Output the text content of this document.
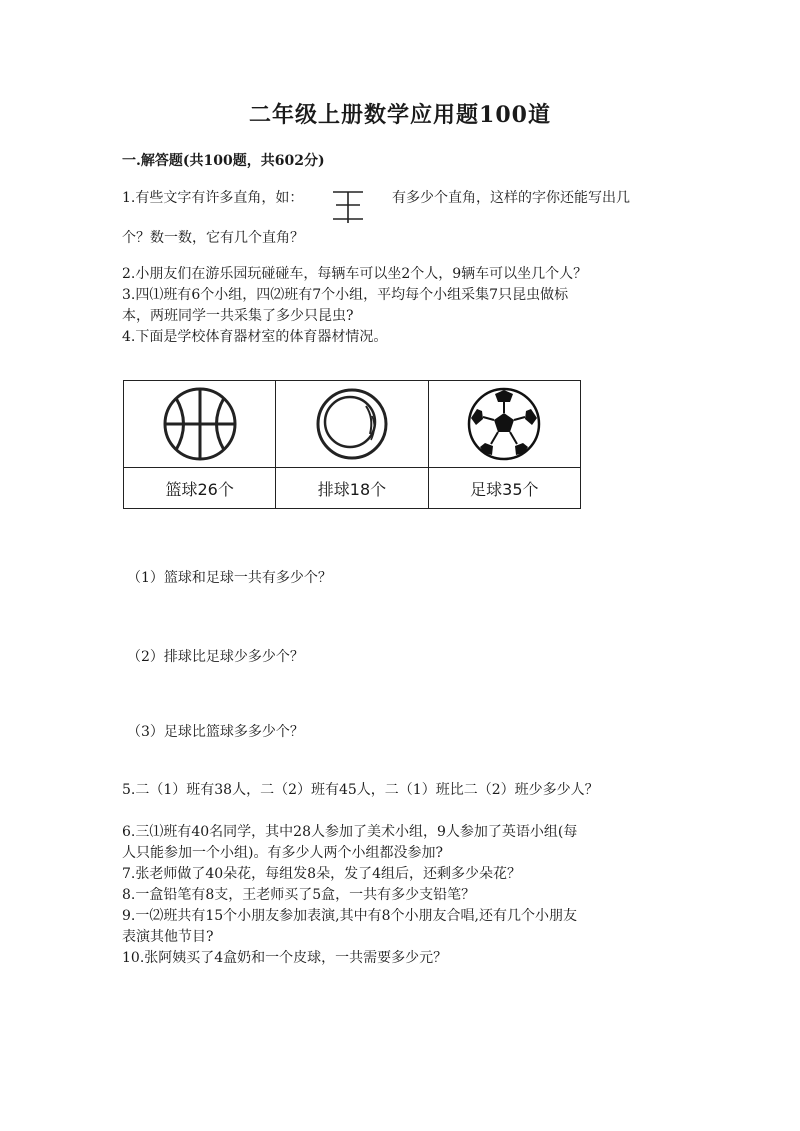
二年级上册数学应用题100道
一.解答题(共100题，共602分)
1.有些文字有许多直角，如：	有多少个直角，这样的字你还能写出几
个？数一数，它有几个直角？
2.小朋友们在游乐园玩碰碰车，每辆车可以坐2个人，9辆车可以坐几个人？
3.四⑴班有6个小组，四⑵班有7个小组，平均每个小组采集7只昆虫做标
本，两班同学一共采集了多少只昆虫?
4.下面是学校体育器材室的体育器材情况。

篮球26个	排球18个	足球35个
（1）篮球和足球一共有多少个？
（2）排球比足球少多少个？
（3）足球比篮球多多少个？
5.二（1）班有38人，二（2）班有45人，二（1）班比二（2）班少多少人？
6.三⑴班有40名同学，其中28人参加了美术小组，9人参加了英语小组(每
人只能参加一个小组)。有多少人两个小组都没参加?
7.张老师做了40朵花，每组发8朵，发了4组后，还剩多少朵花？
8.一盒铅笔有8支，王老师买了5盒，一共有多少支铅笔？
9.一⑵班共有15个小朋友参加表演,其中有8个小朋友合唱,还有几个小朋友
表演其他节目?
10.张阿姨买了4盒奶和一个皮球，一共需要多少元？
